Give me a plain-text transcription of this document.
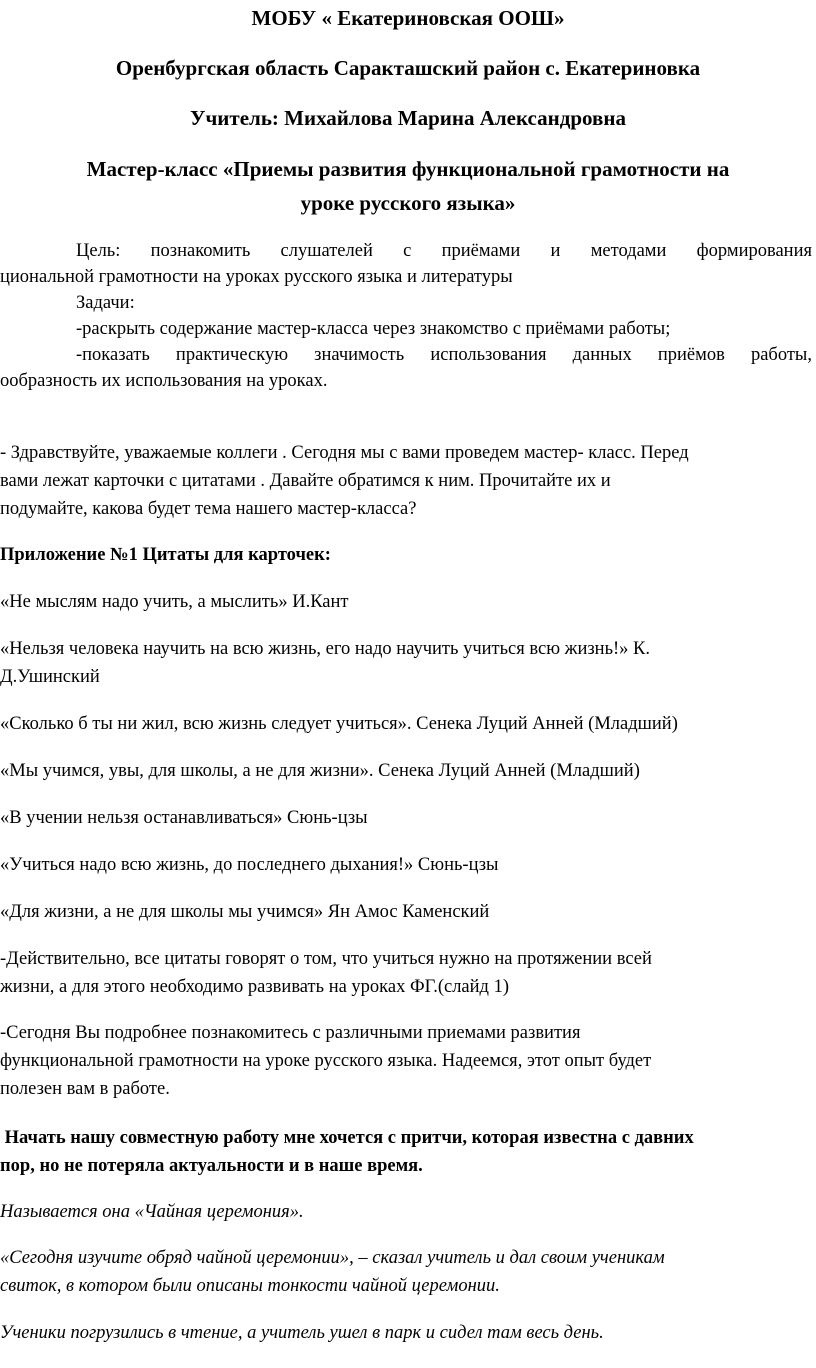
МОБУ « Екатериновская ООШ»
Оренбургская область Саракташский район с. Екатериновка
Учитель: Михайлова Марина Александровна
Мастер-класс «Приемы развития функциональной грамотности на
уроке русского языка»
Цель: познакомить слушателей с приёмами и методами формирования
циональной грамотности на уроках русского языка и литературы
Задачи:
-раскрыть содержание мастер-класса через знакомство с приёмами работы;
-показать практическую значимость использования данных приёмов работы,
ообразность их использования на уроках.
- Здравствуйте, уважаемые коллеги . Сегодня мы с вами проведем мастер- класс. Перед
вами лежат карточки с цитатами . Давайте обратимся к ним. Прочитайте их и
подумайте, какова будет тема нашего мастер-класса?
Приложение №1 Цитаты для карточек:
«Не мыслям надо учить, а мыслить» И.Кант
«Нельзя человека научить на всю жизнь, его надо научить учиться всю жизнь!» К.
Д.Ушинский
«Сколько б ты ни жил, всю жизнь следует учиться». Сенека Луций Анней (Младший)
«Мы учимся, увы, для школы, а не для жизни». Сенека Луций Анней (Младший)
«В учении нельзя останавливаться» Сюнь-цзы
«Учиться надо всю жизнь, до последнего дыхания!» Сюнь-цзы
«Для жизни, а не для школы мы учимся» Ян Амос Каменский
-Действительно, все цитаты говорят о том, что учиться нужно на протяжении всей
жизни, а для этого необходимо развивать на уроках ФГ.(слайд 1)
-Сегодня Вы подробнее познакомитесь с различными приемами развития
функциональной грамотности на уроке русского языка. Надеемся, этот опыт будет
полезен вам в работе.
Начать нашу совместную работу мне хочется с притчи, которая известна с давних
пор, но не потеряла актуальности и в наше время.
Называется она «Чайная церемония».
«Сегодня изучите обряд чайной церемонии», – сказал учитель и дал своим ученикам
свиток, в котором были описаны тонкости чайной церемонии.
Ученики погрузились в чтение, а учитель ушел в парк и сидел там весь день.
